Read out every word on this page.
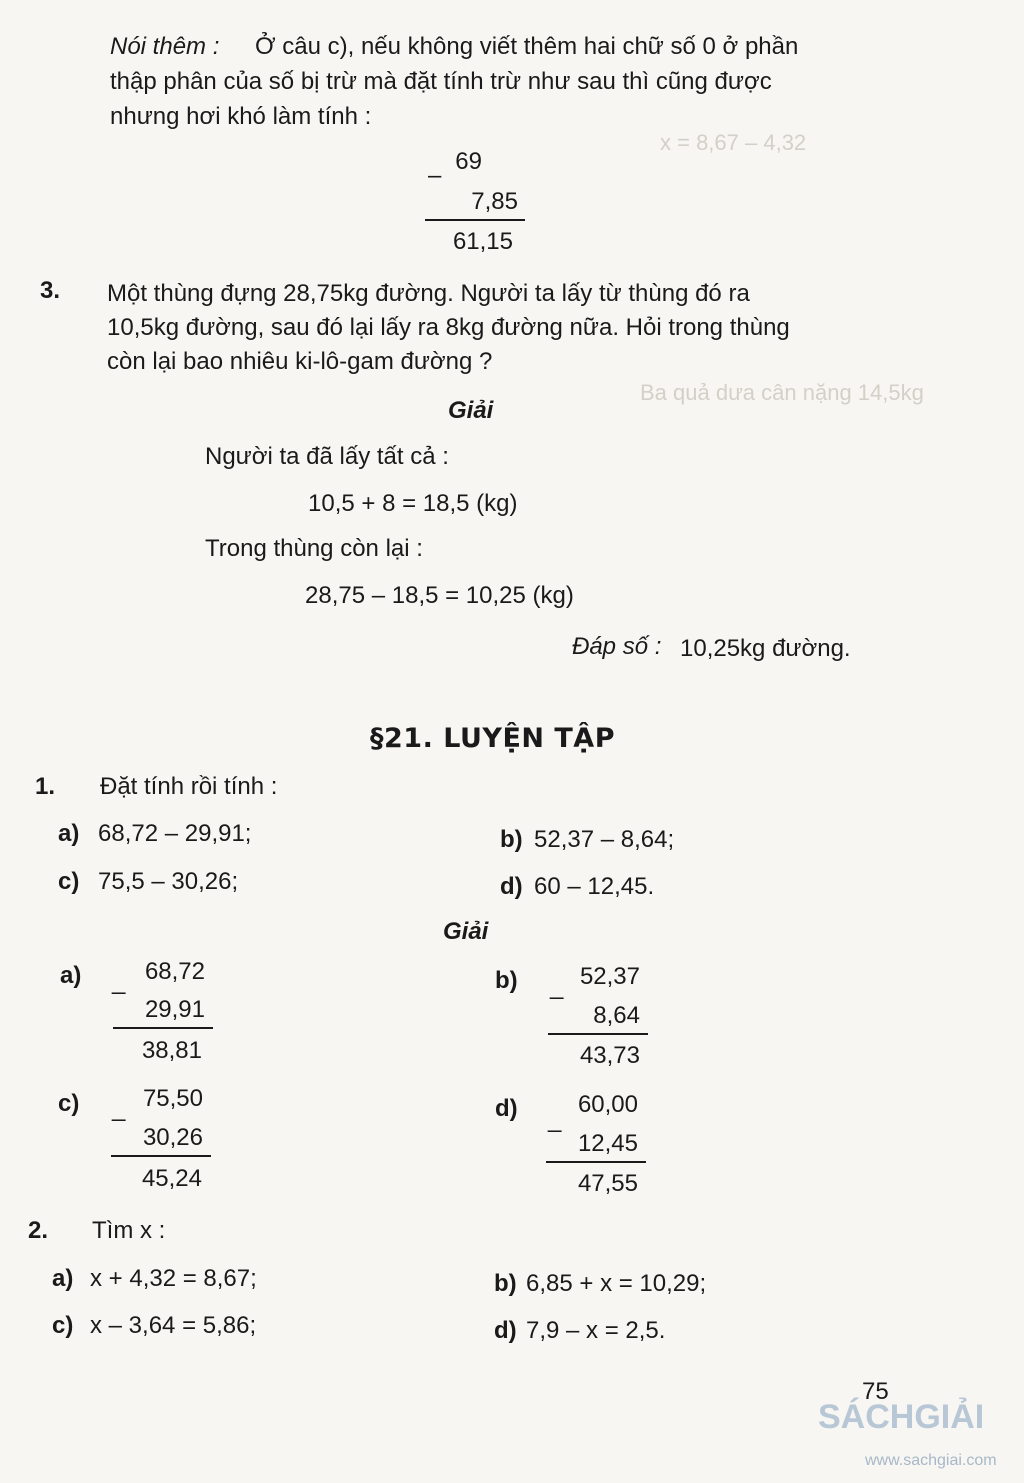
x = 8,67 – 4,32
Ba quả dưa cân nặng 14,5kg
Nói thêm : Ở câu c), nếu không viết thêm hai chữ số 0 ở phần
thập phân của số bị trừ mà đặt tính trừ như sau thì cũng được
nhưng hơi khó làm tính :
–
69
7,85
61,15
3. Một thùng đựng 28,75kg đường. Người ta lấy từ thùng đó ra
10,5kg đường, sau đó lại lấy ra 8kg đường nữa. Hỏi trong thùng
còn lại bao nhiêu ki-lô-gam đường ?
Giải
Người ta đã lấy tất cả :
10,5 + 8 = 18,5 (kg)
Trong thùng còn lại :
28,75 – 18,5 = 10,25 (kg)
Đáp số : 10,25kg đường.
§21. LUYỆN TẬP
1. Đặt tính rồi tính :
a) 68,72 – 29,91;	b) 52,37 – 8,64;
c) 75,5 – 30,26;	d) 60 – 12,45.
Giải
a) _ 68,72
29,91
38,81
b) _ 52,37
8,64
43,73
c) _ 75,50
30,26
45,24
d) _
60,00
12,45
47,55
2. Tìm x :
a) x + 4,32 = 8,67;	b) 6,85 + x = 10,29;
c) x – 3,64 = 5,86;	d) 7,9 – x = 2,5.
75
SÁCHGIẢI
www.sachgiai.com
